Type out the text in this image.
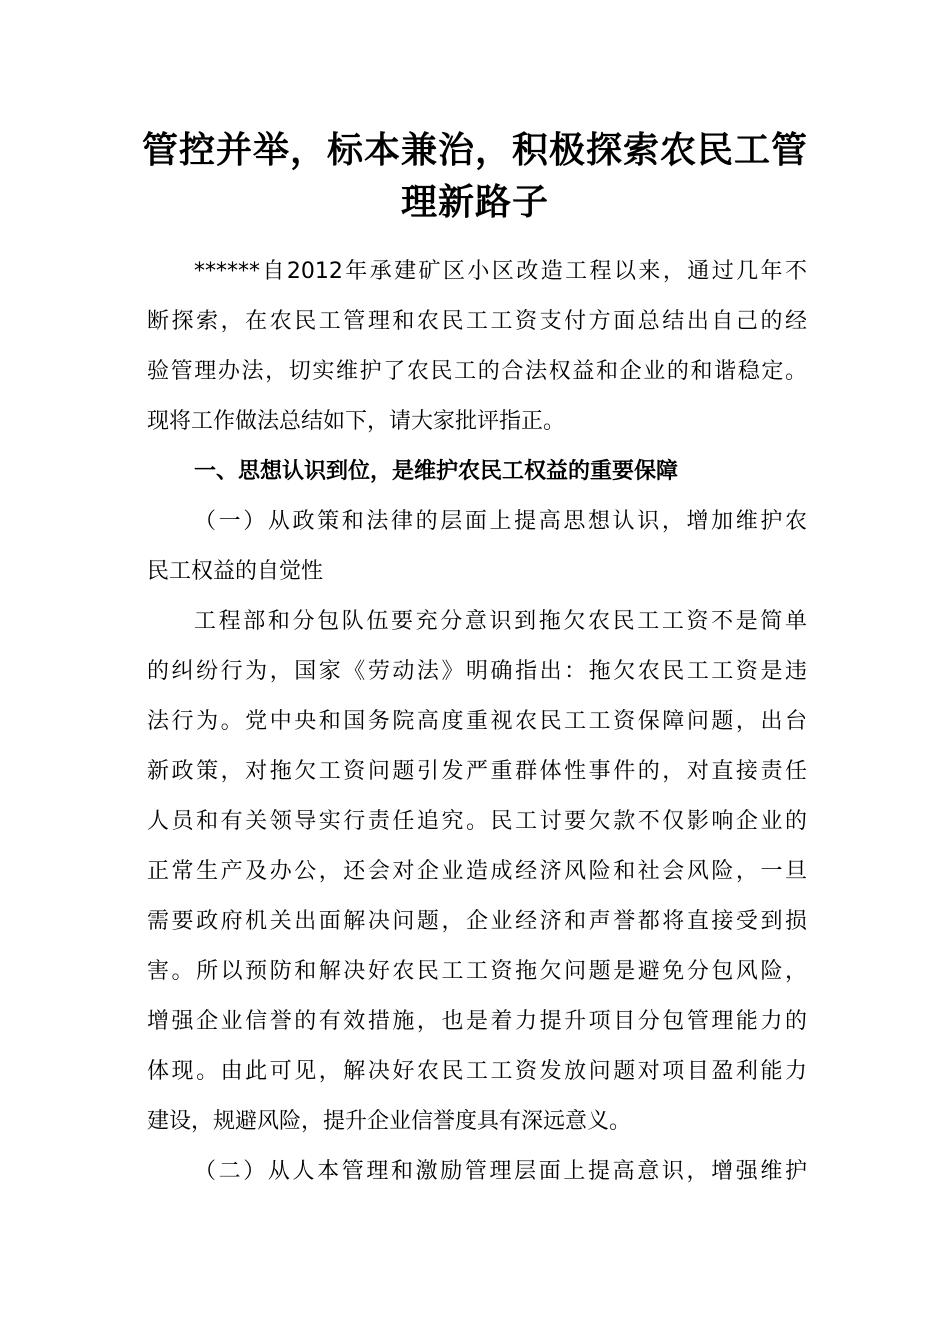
管控并举，标本兼治，积极探索农民工管
理新路子
******自2012年承建矿区小区改造工程以来，通过几年不
断探索，在农民工管理和农民工工资支付方面总结出自己的经
验管理办法，切实维护了农民工的合法权益和企业的和谐稳定。
现将工作做法总结如下，请大家批评指正。
一、思想认识到位，是维护农民工权益的重要保障
（一）从政策和法律的层面上提高思想认识，增加维护农
民工权益的自觉性
工程部和分包队伍要充分意识到拖欠农民工工资不是简单
的纠纷行为，国家《劳动法》明确指出：拖欠农民工工资是违
法行为。党中央和国务院高度重视农民工工资保障问题，出台
新政策，对拖欠工资问题引发严重群体性事件的，对直接责任
人员和有关领导实行责任追究。民工讨要欠款不仅影响企业的
正常生产及办公，还会对企业造成经济风险和社会风险，一旦
需要政府机关出面解决问题，企业经济和声誉都将直接受到损
害。所以预防和解决好农民工工资拖欠问题是避免分包风险，
增强企业信誉的有效措施，也是着力提升项目分包管理能力的
体现。由此可见，解决好农民工工资发放问题对项目盈利能力
建设，规避风险，提升企业信誉度具有深远意义。
（二）从人本管理和激励管理层面上提高意识，增强维护
